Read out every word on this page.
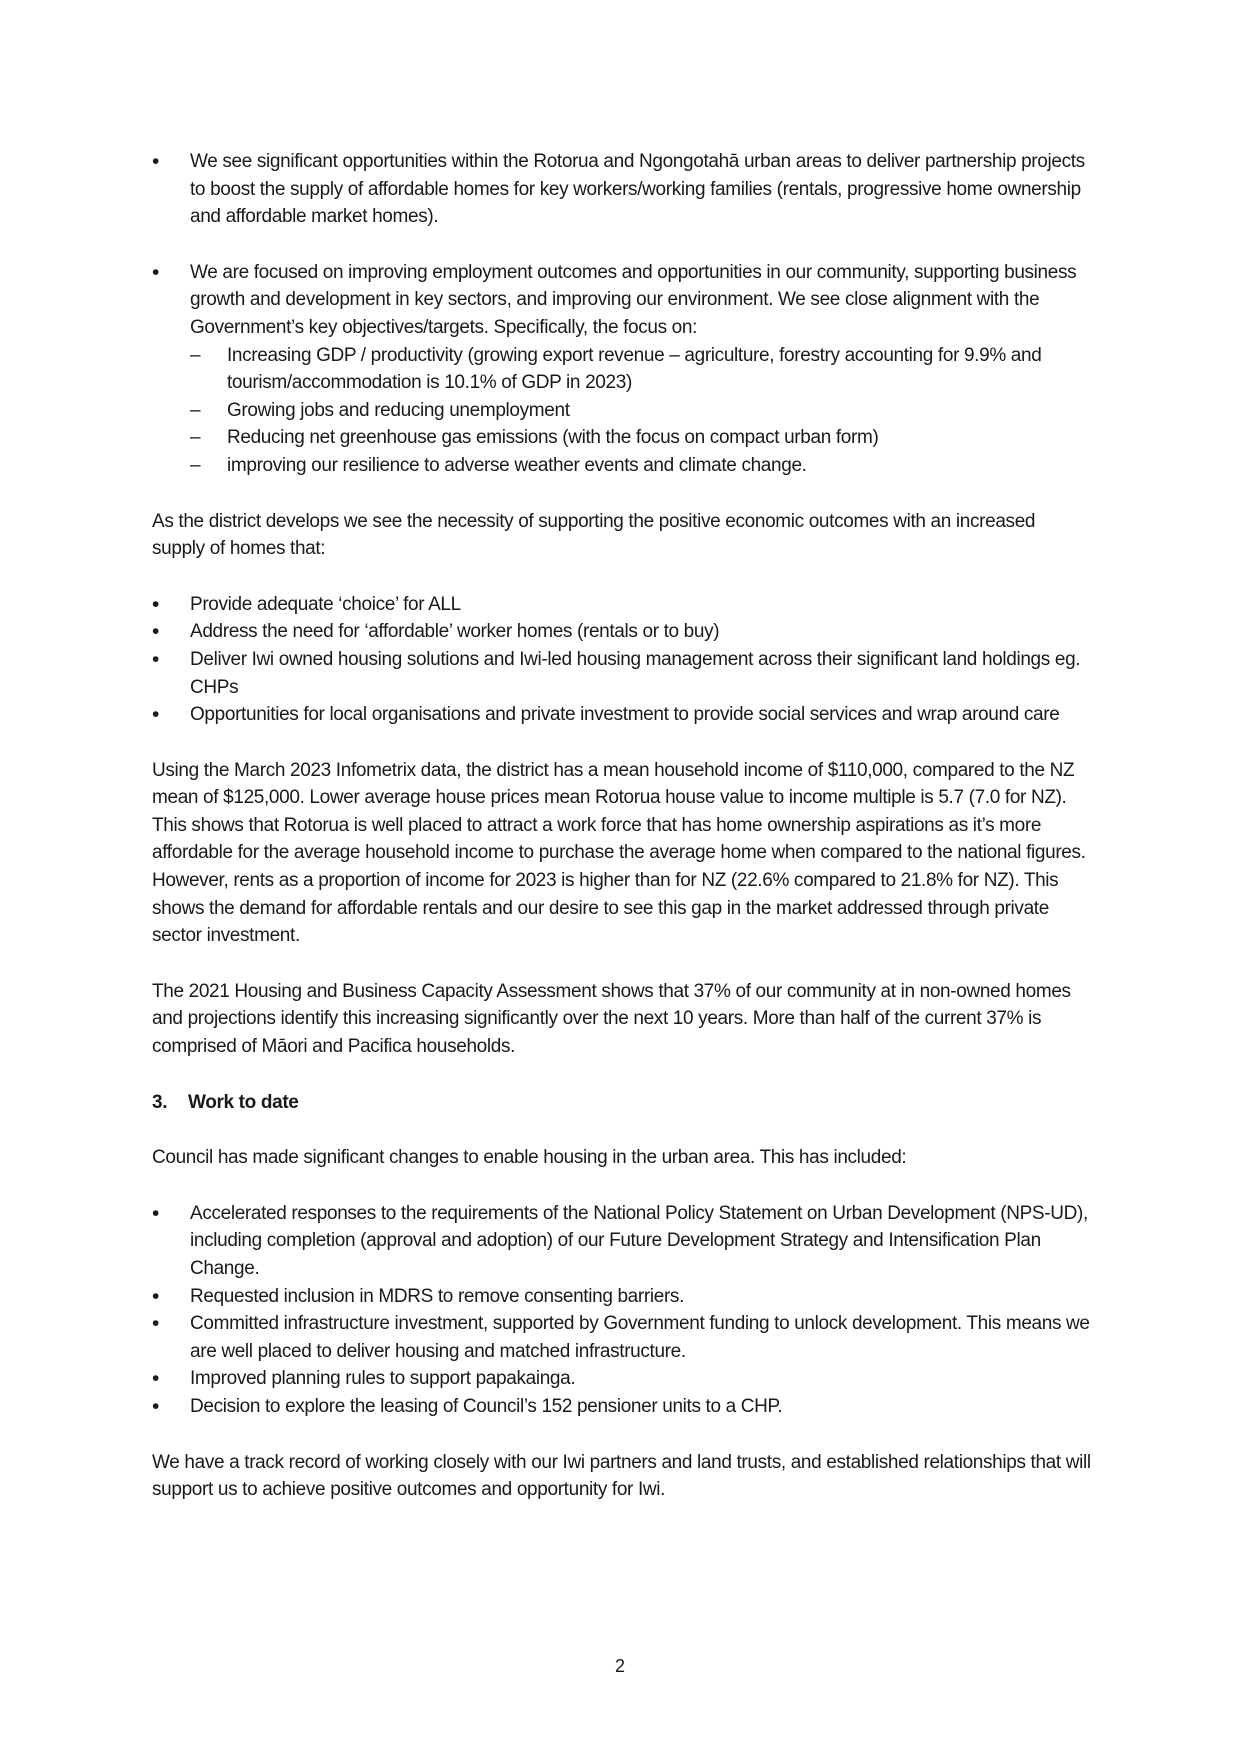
• We see significant opportunities within the Rotorua and Ngongotahā urban areas to deliver partnership projects to boost the supply of affordable homes for key workers/working families (rentals, progressive home ownership and affordable market homes).

• We are focused on improving employment outcomes and opportunities in our community, supporting business growth and development in key sectors, and improving our environment. We see close alignment with the Government’s key objectives/targets. Specifically, the focus on:

– Increasing GDP / productivity (growing export revenue – agriculture, forestry accounting for 9.9% and tourism/accommodation is 10.1% of GDP in 2023)

– Growing jobs and reducing unemployment

– Reducing net greenhouse gas emissions (with the focus on compact urban form)

– improving our resilience to adverse weather events and climate change.

As the district develops we see the necessity of supporting the positive economic outcomes with an increased supply of homes that:

• Provide adequate ‘choice’ for ALL

• Address the need for ‘affordable’ worker homes (rentals or to buy)

• Deliver Iwi owned housing solutions and Iwi-led housing management across their significant land holdings eg. CHPs

• Opportunities for local organisations and private investment to provide social services and wrap around care

Using the March 2023 Infometrix data, the district has a mean household income of $110,000, compared to the NZ mean of $125,000. Lower average house prices mean Rotorua house value to income multiple is 5.7 (7.0 for NZ). This shows that Rotorua is well placed to attract a work force that has home ownership aspirations as it’s more affordable for the average household income to purchase the average home when compared to the national figures. However, rents as a proportion of income for 2023 is higher than for NZ (22.6% compared to 21.8% for NZ). This shows the demand for affordable rentals and our desire to see this gap in the market addressed through private sector investment.

The 2021 Housing and Business Capacity Assessment shows that 37% of our community at in non-owned homes and projections identify this increasing significantly over the next 10 years. More than half of the current 37% is comprised of Māori and Pacifica households.

3. Work to date

Council has made significant changes to enable housing in the urban area. This has included:

• Accelerated responses to the requirements of the National Policy Statement on Urban Development (NPS-UD), including completion (approval and adoption) of our Future Development Strategy and Intensification Plan Change.

• Requested inclusion in MDRS to remove consenting barriers.

• Committed infrastructure investment, supported by Government funding to unlock development. This means we are well placed to deliver housing and matched infrastructure.

• Improved planning rules to support papakainga.

• Decision to explore the leasing of Council’s 152 pensioner units to a CHP.

We have a track record of working closely with our Iwi partners and land trusts, and established relationships that will support us to achieve positive outcomes and opportunity for Iwi.

2
